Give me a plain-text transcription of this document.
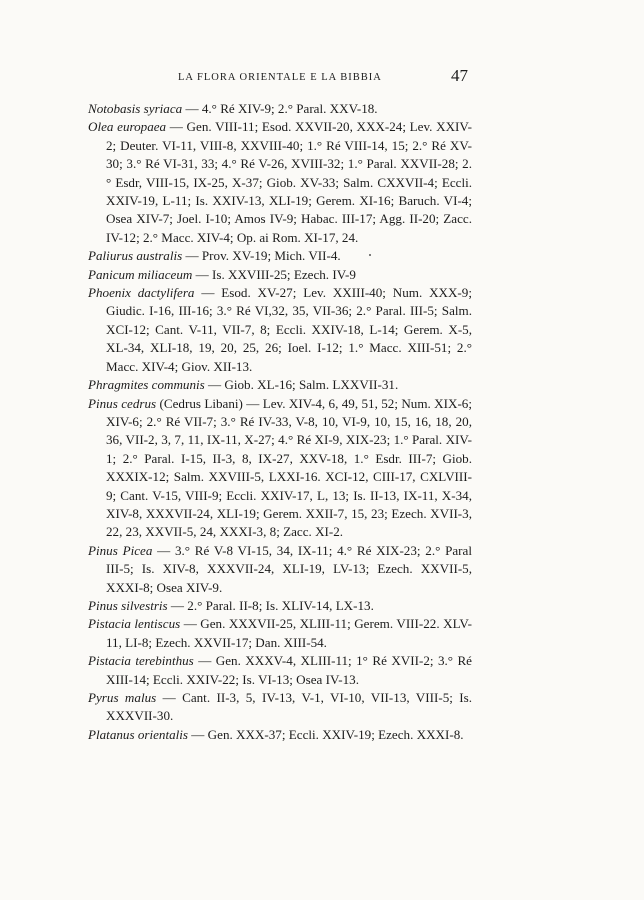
LA FLORA ORIENTALE E LA BIBBIA	47

Notobasis syriaca — 4.° Ré XIV-9; 2.° Paral. XXV-18.

Olea europaea — Gen. VIII-11; Esod. XXVII-20, XXX-24; Lev. XXIV-2; Deuter. VI-11, VIII-8, XXVIII-40; 1.° Ré VIII-14, 15; 2.° Ré XV-30; 3.° Ré VI-31, 33; 4.° Ré V-26, XVIII-32; 1.° Paral. XXVII-28; 2.° Esdr, VIII-15, IX-25, X-37; Giob. XV-33; Salm. CXXVII-4; Eccli. XXIV-19, L-11; Is. XXIV-13, XLI-19; Gerem. XI-16; Baruch. VI-4; Osea XIV-7; Joel. I-10; Amos IV-9; Habac. III-17; Agg. II-20; Zacc. IV-12; 2.° Macc. XIV-4; Op. ai Rom. XI-17, 24.

Paliurus australis — Prov. XV-19; Mich. VII-4.

Panicum miliaceum — Is. XXVIII-25; Ezech. IV-9

Phoenix dactylifera — Esod. XV-27; Lev. XXIII-40; Num. XXX-9; Giudic. I-16, III-16; 3.° Ré VI,32, 35, VII-36; 2.° Paral. III-5; Salm. XCI-12; Cant. V-11, VII-7, 8; Eccli. XXIV-18, L-14; Gerem. X-5, XL-34, XLI-18, 19, 20, 25, 26; Ioel. I-12; 1.° Macc. XIII-51; 2.° Macc. XIV-4; Giov. XII-13.

Phragmites communis — Giob. XL-16; Salm. LXXVII-31.

Pinus cedrus (Cedrus Libani) — Lev. XIV-4, 6, 49, 51, 52; Num. XIX-6; XIV-6; 2.° Ré VII-7; 3.° Ré IV-33, V-8, 10, VI-9, 10, 15, 16, 18, 20, 36, VII-2, 3, 7, 11, IX-11, X-27; 4.° Ré XI-9, XIX-23; 1.° Paral. XIV-1; 2.° Paral. I-15, II-3, 8, IX-27, XXV-18, 1.° Esdr. III-7; Giob. XXXIX-12; Salm. XXVIII-5, LXXI-16. XCI-12, CIII-17, CXLVIII-9; Cant. V-15, VIII-9; Eccli. XXIV-17, L, 13; Is. II-13, IX-11, X-34, XIV-8, XXXVII-24, XLI-19; Gerem. XXII-7, 15, 23; Ezech. XVII-3, 22, 23, XXVII-5, 24, XXXI-3, 8; Zacc. XI-2.

Pinus Picea — 3.° Ré V-8 VI-15, 34, IX-11; 4.° Ré XIX-23; 2.° Paral III-5; Is. XIV-8, XXXVII-24, XLI-19, LV-13; Ezech. XXVII-5, XXXI-8; Osea XIV-9.

Pinus silvestris — 2.° Paral. II-8; Is. XLIV-14, LX-13.

Pistacia lentiscus — Gen. XXXVII-25, XLIII-11; Gerem. VIII-22. XLV-11, LI-8; Ezech. XXVII-17; Dan. XIII-54.

Pistacia terebinthus — Gen. XXXV-4, XLIII-11; 1° Ré XVII-2; 3.° Ré XIII-14; Eccli. XXIV-22; Is. VI-13; Osea IV-13.

Pyrus malus — Cant. II-3, 5, IV-13, V-1, VI-10, VII-13, VIII-5; Is. XXXVII-30.

Platanus orientalis — Gen. XXX-37; Eccli. XXIV-19; Ezech. XXXI-8.
